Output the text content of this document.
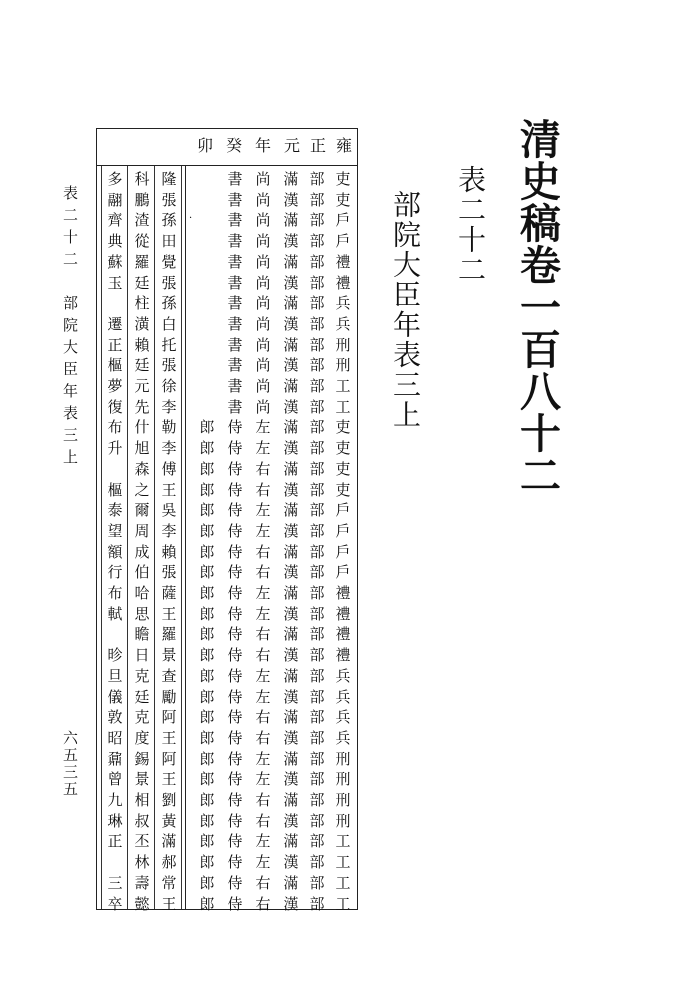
清史稿卷一百八十二
表二十二
部院大臣年表三上
表二十二　部院大臣年表三上
六五三五
雍
正
元
年
癸
卯
吏
部
滿
尚
書
隆
科
多
吏
部
漢
尚
書
張
鵬
翮
戶
部
滿
尚
書
孫
渣
齊
戶
部
漢
尚
書
田
從
典
禮
部
滿
尚
書
覺
羅
蘇
禮
部
漢
尚
書
張
廷
玉
兵
部
滿
尚
書
孫
柱
兵
部
漢
尚
書
白
潢
遷
刑
部
滿
尚
書
托
賴
正
刑
部
漢
尚
書
張
廷
樞
工
部
滿
尚
書
徐
元
夢
工
部
漢
尚
書
李
先
復
吏
部
滿
左
侍
郎
勒
什
布
吏
部
漢
左
侍
郎
李
旭
升
吏
部
滿
右
侍
郎
傅
森
吏
部
漢
右
侍
郎
王
之
樞
戶
部
滿
左
侍
郎
吳
爾
泰
戶
部
漢
左
侍
郎
李
周
望
戶
部
滿
右
侍
郎
賴
成
額
戶
部
漢
右
侍
郎
張
伯
行
禮
部
滿
左
侍
郎
薩
哈
布
禮
部
漢
左
侍
郎
王
思
軾
禮
部
滿
右
侍
郎
羅
瞻
禮
部
漢
右
侍
郎
景
日
昣
兵
部
滿
左
侍
郎
查
克
旦
兵
部
漢
左
侍
郎
勵
廷
儀
兵
部
滿
右
侍
郎
阿
克
敦
兵
部
漢
右
侍
郎
王
度
昭
刑
部
滿
左
侍
郎
阿
錫
鼐
刑
部
漢
左
侍
郎
王
景
曾
刑
部
滿
右
侍
郎
劉
相
九
刑
部
漢
右
侍
郎
黃
叔
琳
工
部
滿
左
侍
郎
滿
丕
正
工
部
漢
左
侍
郎
郝
林
工
部
滿
右
侍
郎
常
壽
三
工
部
漢
右
侍
郎
王
懿
卒
·
